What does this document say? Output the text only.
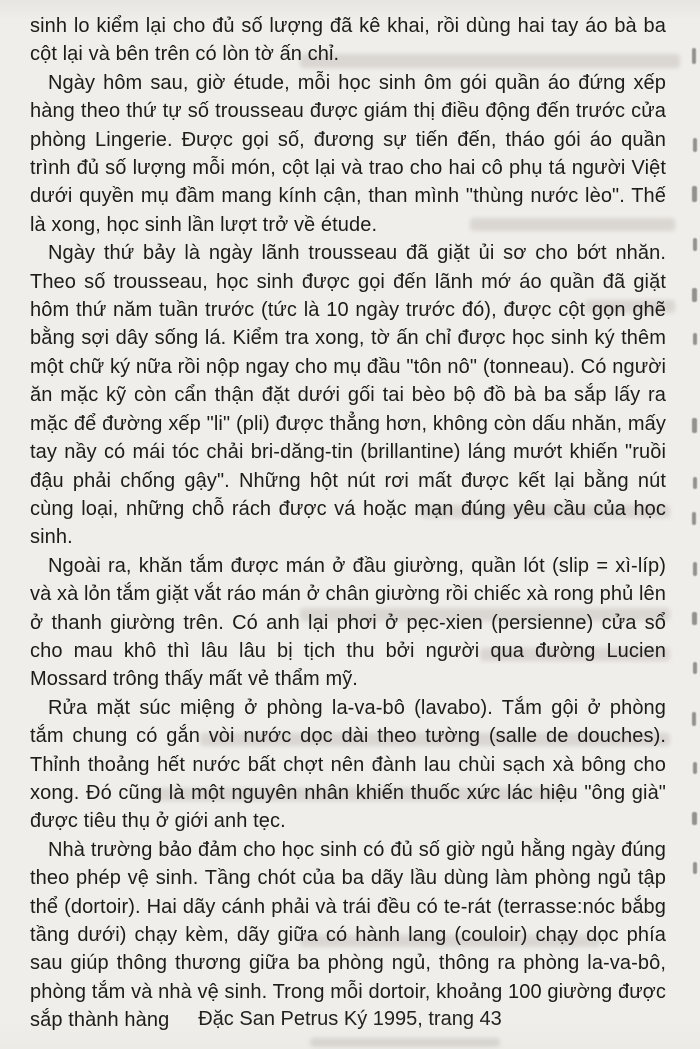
sinh lo kiểm lại cho đủ số lượng đã kê khai, rồi dùng hai tay áo bà ba cột lại và bên trên có lòn tờ ấn chỉ.

Ngày hôm sau, giờ étude, mỗi học sinh ôm gói quần áo đứng xếp hàng theo thứ tự số trousseau được giám thị điều động đến trước cửa phòng Lingerie. Được gọi số, đương sự tiến đến, tháo gói áo quần trình đủ số lượng mỗi món, cột lại và trao cho hai cô phụ tá người Việt dưới quyền mụ đầm mang kính cận, than mình "thùng nước lèo". Thế là xong, học sinh lần lượt trở về étude.

Ngày thứ bảy là ngày lãnh trousseau đã giặt ủi sơ cho bớt nhăn. Theo số trousseau, học sinh được gọi đến lãnh mớ áo quần đã giặt hôm thứ năm tuần trước (tức là 10 ngày trước đó), được cột gọn ghẽ bằng sợi dây sống lá. Kiểm tra xong, tờ ấn chỉ được học sinh ký thêm một chữ ký nữa rồi nộp ngay cho mụ đầu "tôn nô" (tonneau). Có người ăn mặc kỹ còn cẩn thận đặt dưới gối tai bèo bộ đồ bà ba sắp lấy ra mặc để đường xếp "li" (pli) được thẳng hơn, không còn dấu nhăn, mấy tay nầy có mái tóc chải bri-dăng-tin (brillantine) láng mướt khiến "ruồi đậu phải chống gậy". Những hột nút rơi mất được kết lại bằng nút cùng loại, những chỗ rách được vá hoặc mạn đúng yêu cầu của học sinh.

Ngoài ra, khăn tắm được mán ở đầu giường, quần lót (slip = xì-líp) và xà lỏn tắm giặt vắt ráo mán ở chân giường rồi chiếc xà rong phủ lên ở thanh giường trên. Có anh lại phơi ở pẹc-xien (persienne) cửa sổ cho mau khô thì lâu lâu bị tịch thu bởi người qua đường Lucien Mossard trông thấy mất vẻ thẩm mỹ.

Rửa mặt súc miệng ở phòng la-va-bô (lavabo). Tắm gội ở phòng tắm chung có gắn vòi nước dọc dài theo tường (salle de douches). Thỉnh thoảng hết nước bất chợt nên đành lau chùi sạch xà bông cho xong. Đó cũng là một nguyên nhân khiến thuốc xức lác hiệu "ông già" được tiêu thụ ở giới anh tẹc.

Nhà trường bảo đảm cho học sinh có đủ số giờ ngủ hằng ngày đúng theo phép vệ sinh. Tầng chót của ba dãy lầu dùng làm phòng ngủ tập thể (dortoir). Hai dãy cánh phải và trái đều có te-rát (terrasse:nóc bắbg tầng dưới) chạy kèm, dãy giữa có hành lang (couloir) chạy dọc phía sau giúp thông thương giữa ba phòng ngủ, thông ra phòng la-va-bô, phòng tắm và nhà vệ sinh. Trong mỗi dortoir, khoảng 100 giường được sắp thành hàng	Đặc San Petrus Ký 1995, trang 43
